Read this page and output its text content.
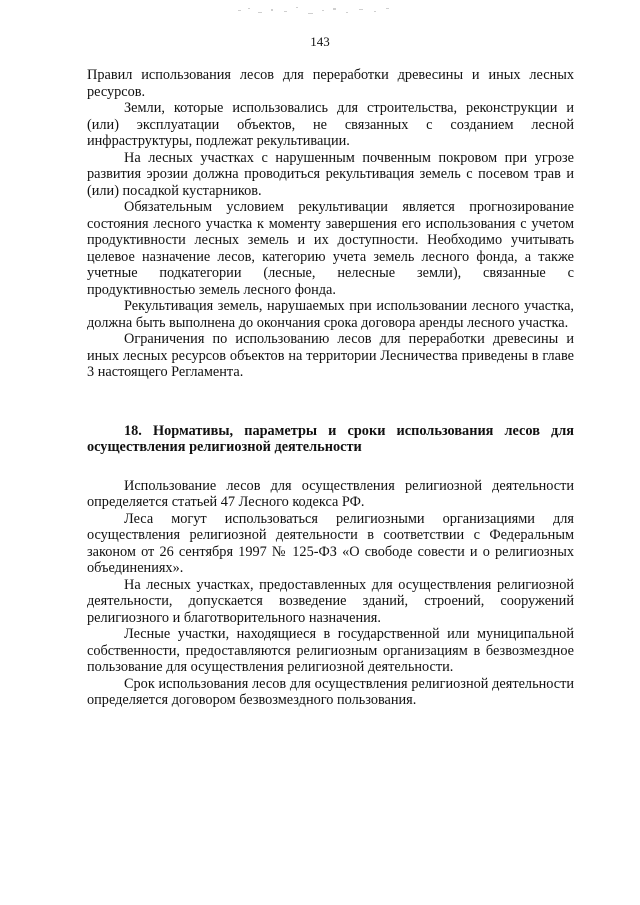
143

Правил использования лесов для переработки древесины и иных лесных ресурсов.

Земли, которые использовались для строительства, реконструкции и (или) эксплуатации объектов, не связанных с созданием лесной инфраструктуры, подлежат рекультивации.

На лесных участках с нарушенным почвенным покровом при угрозе развития эрозии должна проводиться рекультивация земель с посевом трав и (или) посадкой кустарников.

Обязательным условием рекультивации является прогнозирование состояния лесного участка к моменту завершения его использования с учетом продуктивности лесных земель и их доступности. Необходимо учитывать целевое назначение лесов, категорию учета земель лесного фонда, а также учетные подкатегории (лесные, нелесные земли), связанные с продуктивностью земель лесного фонда.

Рекультивация земель, нарушаемых при использовании лесного участка, должна быть выполнена до окончания срока договора аренды лесного участка.

Ограничения по использованию лесов для переработки древесины и иных лесных ресурсов объектов на территории Лесничества приведены в главе 3 настоящего Регламента.

18. Нормативы, параметры и сроки использования лесов для осуществления религиозной деятельности

Использование лесов для осуществления религиозной деятельности определяется статьей 47 Лесного кодекса РФ.

Леса могут использоваться религиозными организациями для осуществления религиозной деятельности в соответствии с Федеральным законом от 26 сентября 1997 № 125-ФЗ «О свободе совести и о религиозных объединениях».

На лесных участках, предоставленных для осуществления религиозной деятельности, допускается возведение зданий, строений, сооружений религиозного и благотворительного назначения.

Лесные участки, находящиеся в государственной или муниципальной собственности, предоставляются религиозным организациям в безвозмездное пользование для осуществления религиозной деятельности.

Срок использования лесов для осуществления религиозной деятельности определяется договором безвозмездного пользования.
